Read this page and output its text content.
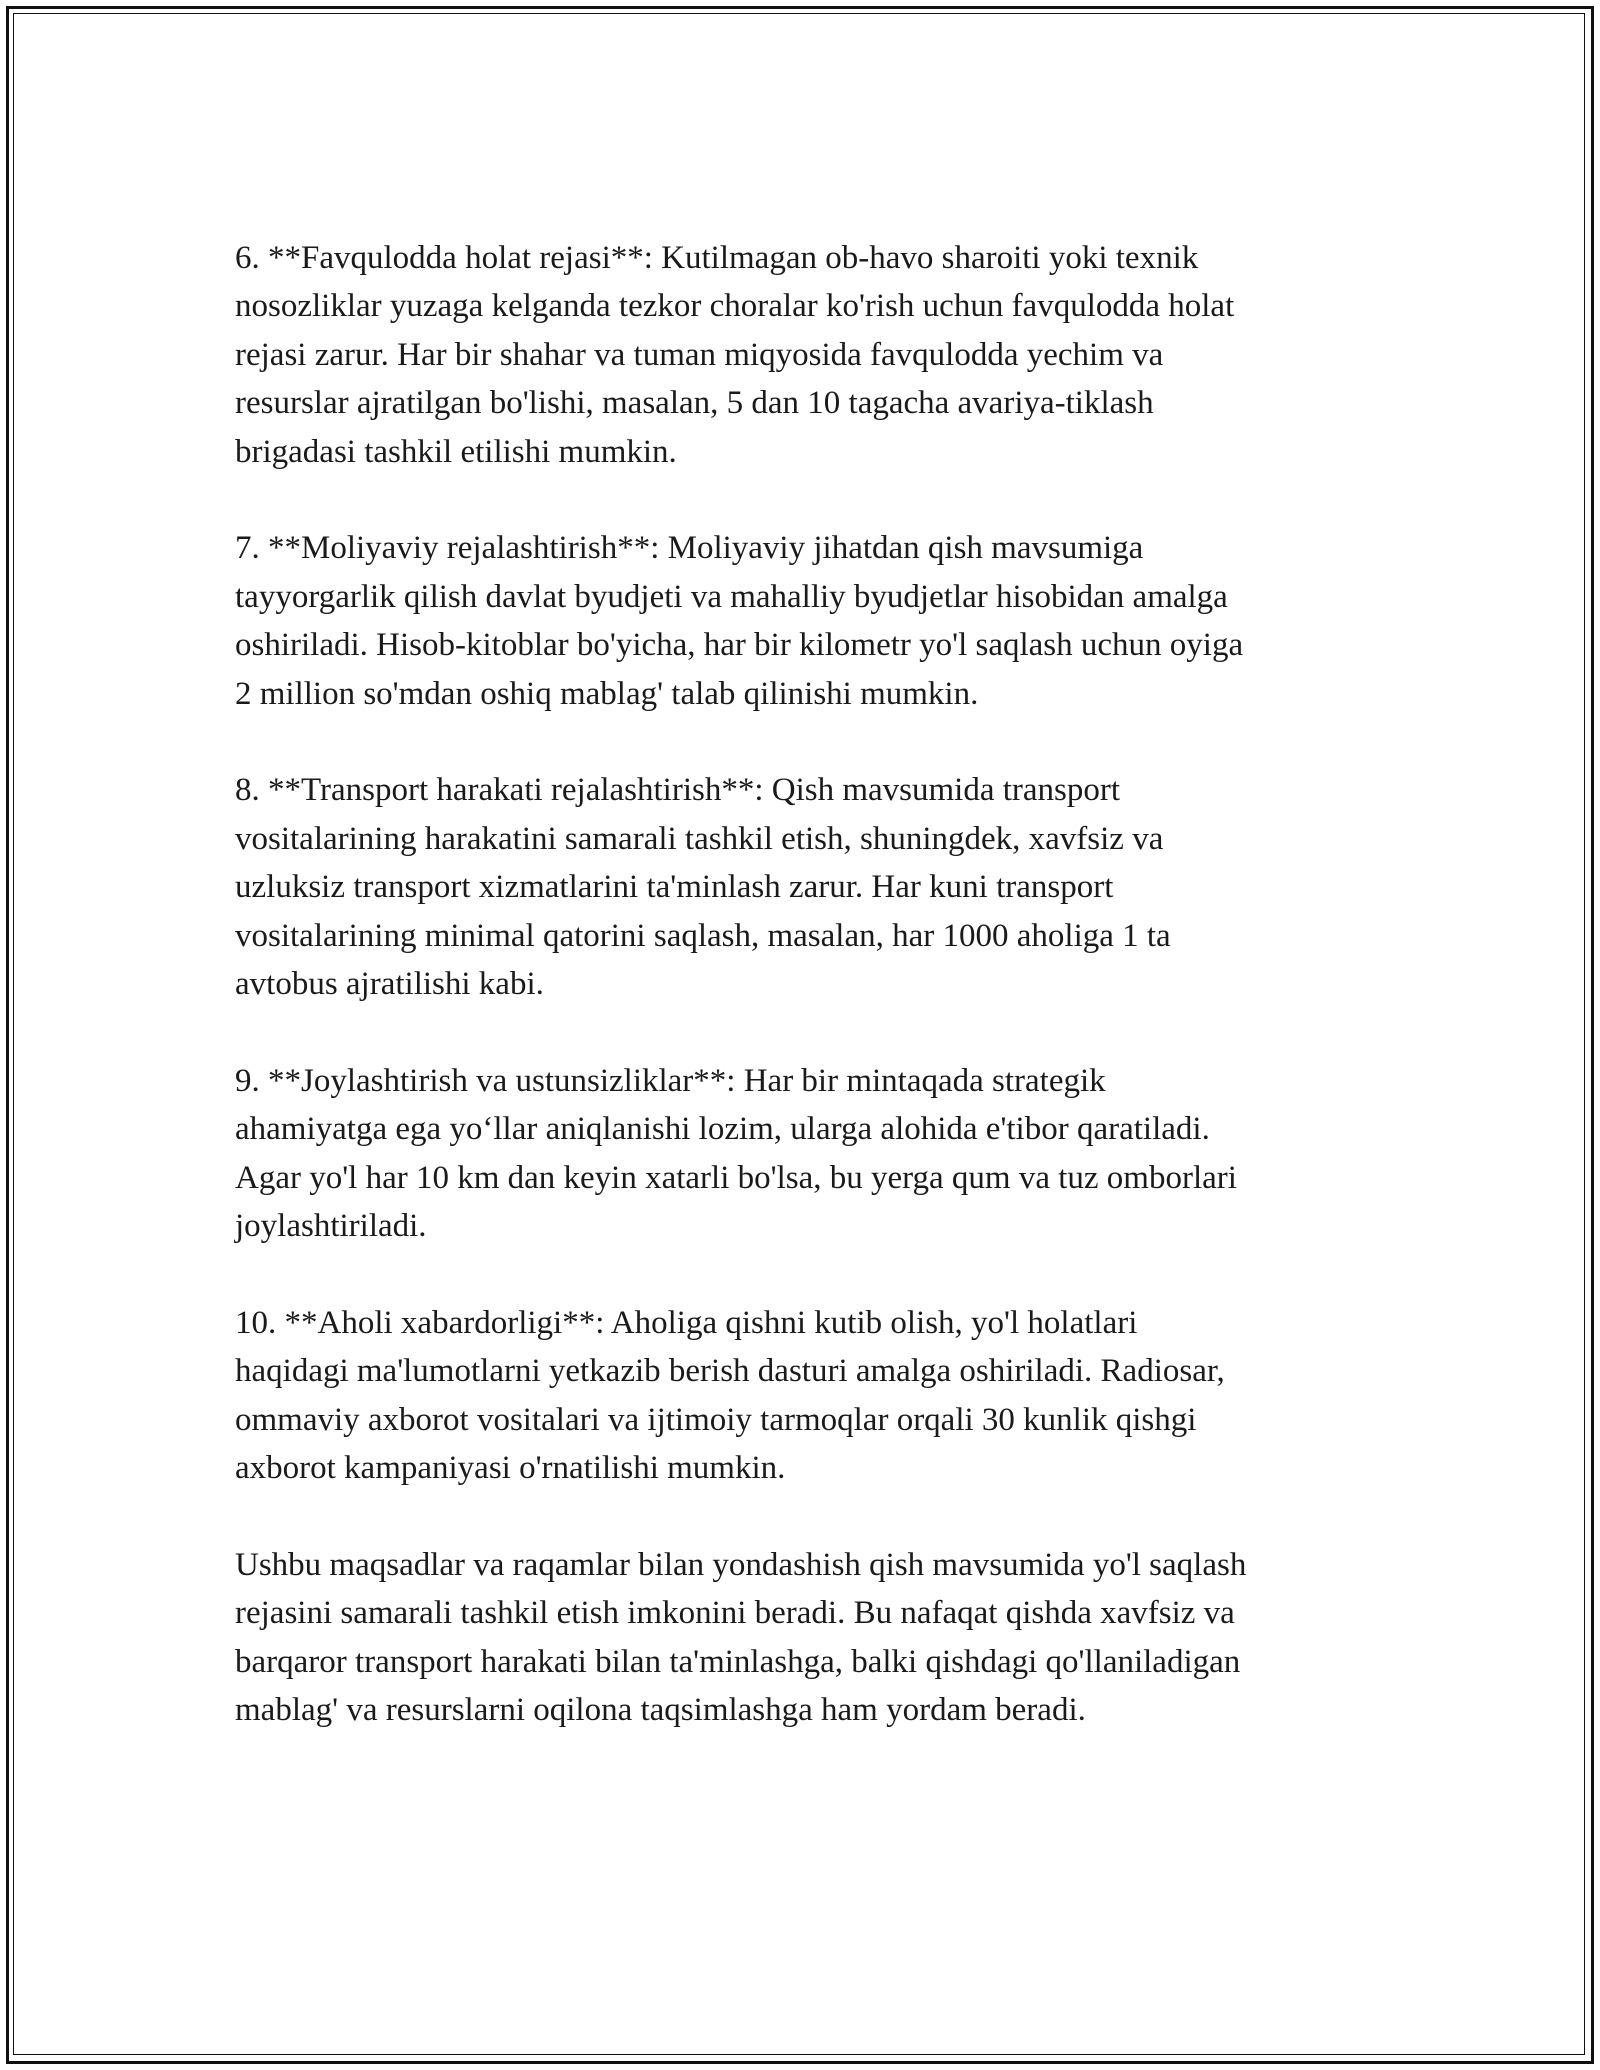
6. **Favqulodda holat rejasi**: Kutilmagan ob-havo sharoiti yoki texnik
nosozliklar yuzaga kelganda tezkor choralar ko'rish uchun favqulodda holat
rejasi zarur. Har bir shahar va tuman miqyosida favqulodda yechim va
resurslar ajratilgan bo'lishi, masalan, 5 dan 10 tagacha avariya-tiklash
brigadasi tashkil etilishi mumkin.

7. **Moliyaviy rejalashtirish**: Moliyaviy jihatdan qish mavsumiga
tayyorgarlik qilish davlat byudjeti va mahalliy byudjetlar hisobidan amalga
oshiriladi. Hisob-kitoblar bo'yicha, har bir kilometr yo'l saqlash uchun oyiga
2 million so'mdan oshiq mablag' talab qilinishi mumkin.

8. **Transport harakati rejalashtirish**: Qish mavsumida transport
vositalarining harakatini samarali tashkil etish, shuningdek, xavfsiz va
uzluksiz transport xizmatlarini ta'minlash zarur. Har kuni transport
vositalarining minimal qatorini saqlash, masalan, har 1000 aholiga 1 ta
avtobus ajratilishi kabi.

9. **Joylashtirish va ustunsizliklar**: Har bir mintaqada strategik
ahamiyatga ega yo‘llar aniqlanishi lozim, ularga alohida e'tibor qaratiladi.
Agar yo'l har 10 km dan keyin xatarli bo'lsa, bu yerga qum va tuz omborlari
joylashtiriladi.

10. **Aholi xabardorligi**: Aholiga qishni kutib olish, yo'l holatlari
haqidagi ma'lumotlarni yetkazib berish dasturi amalga oshiriladi. Radiosar,
ommaviy axborot vositalari va ijtimoiy tarmoqlar orqali 30 kunlik qishgi
axborot kampaniyasi o'rnatilishi mumkin.

Ushbu maqsadlar va raqamlar bilan yondashish qish mavsumida yo'l saqlash
rejasini samarali tashkil etish imkonini beradi. Bu nafaqat qishda xavfsiz va
barqaror transport harakati bilan ta'minlashga, balki qishdagi qo'llaniladigan
mablag' va resurslarni oqilona taqsimlashga ham yordam beradi.
